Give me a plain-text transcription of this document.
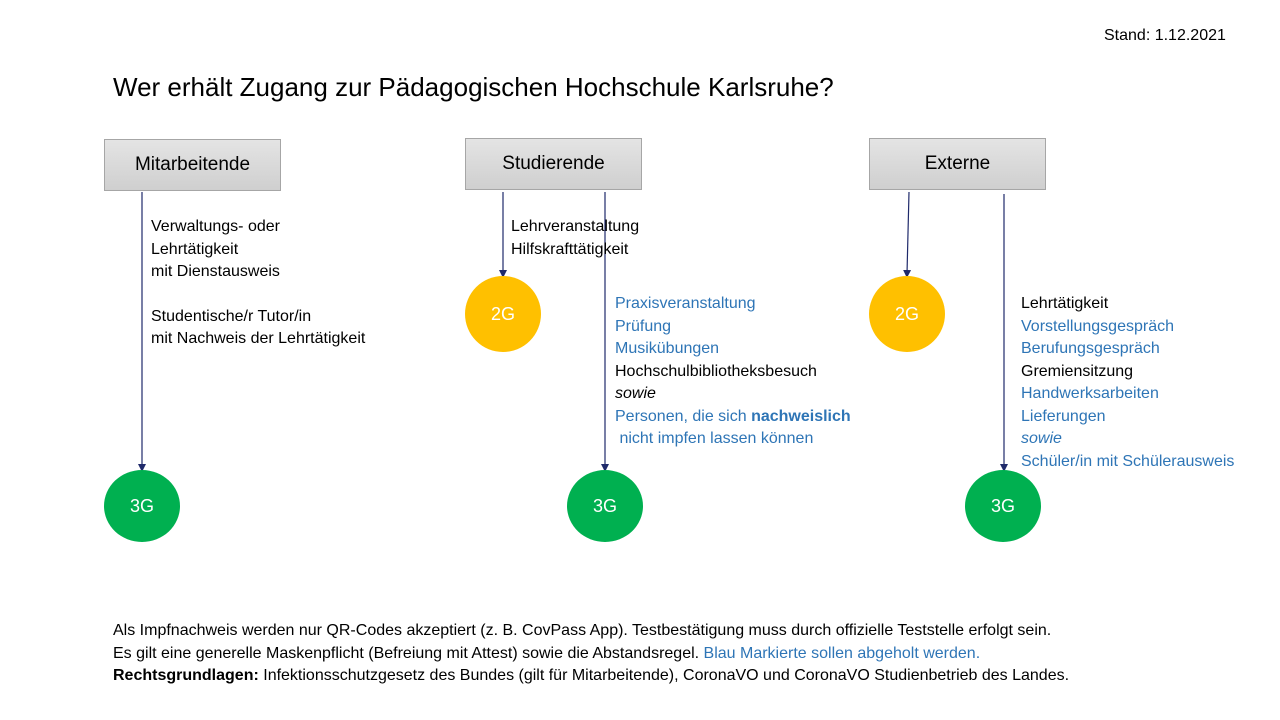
Stand: 1.12.2021
Wer erhält Zugang zur Pädagogischen Hochschule Karlsruhe?
Mitarbeitende	Studierende	Externe
2G	2G
3G	3G	3G
Verwaltungs- oder
Lehrtätigkeit
mit Dienstausweis
Studentische/r Tutor/in
mit Nachweis der Lehrtätigkeit
Lehrveranstaltung
Hilfskrafttätigkeit
Praxisveranstaltung
Prüfung
Musikübungen
Hochschulbibliotheksbesuch
sowie
Personen, die sich nachweislich
nicht impfen lassen können
Lehrtätigkeit
Vorstellungsgespräch
Berufungsgespräch
Gremiensitzung
Handwerksarbeiten
Lieferungen
sowie
Schüler/in mit Schülerausweis
Als Impfnachweis werden nur QR-Codes akzeptiert (z. B. CovPass App). Testbestätigung muss durch offizielle Teststelle erfolgt sein.
Es gilt eine generelle Maskenpflicht (Befreiung mit Attest) sowie die Abstandsregel. Blau Markierte sollen abgeholt werden.
Rechtsgrundlagen: Infektionsschutzgesetz des Bundes (gilt für Mitarbeitende), CoronaVO und CoronaVO Studienbetrieb des Landes.
